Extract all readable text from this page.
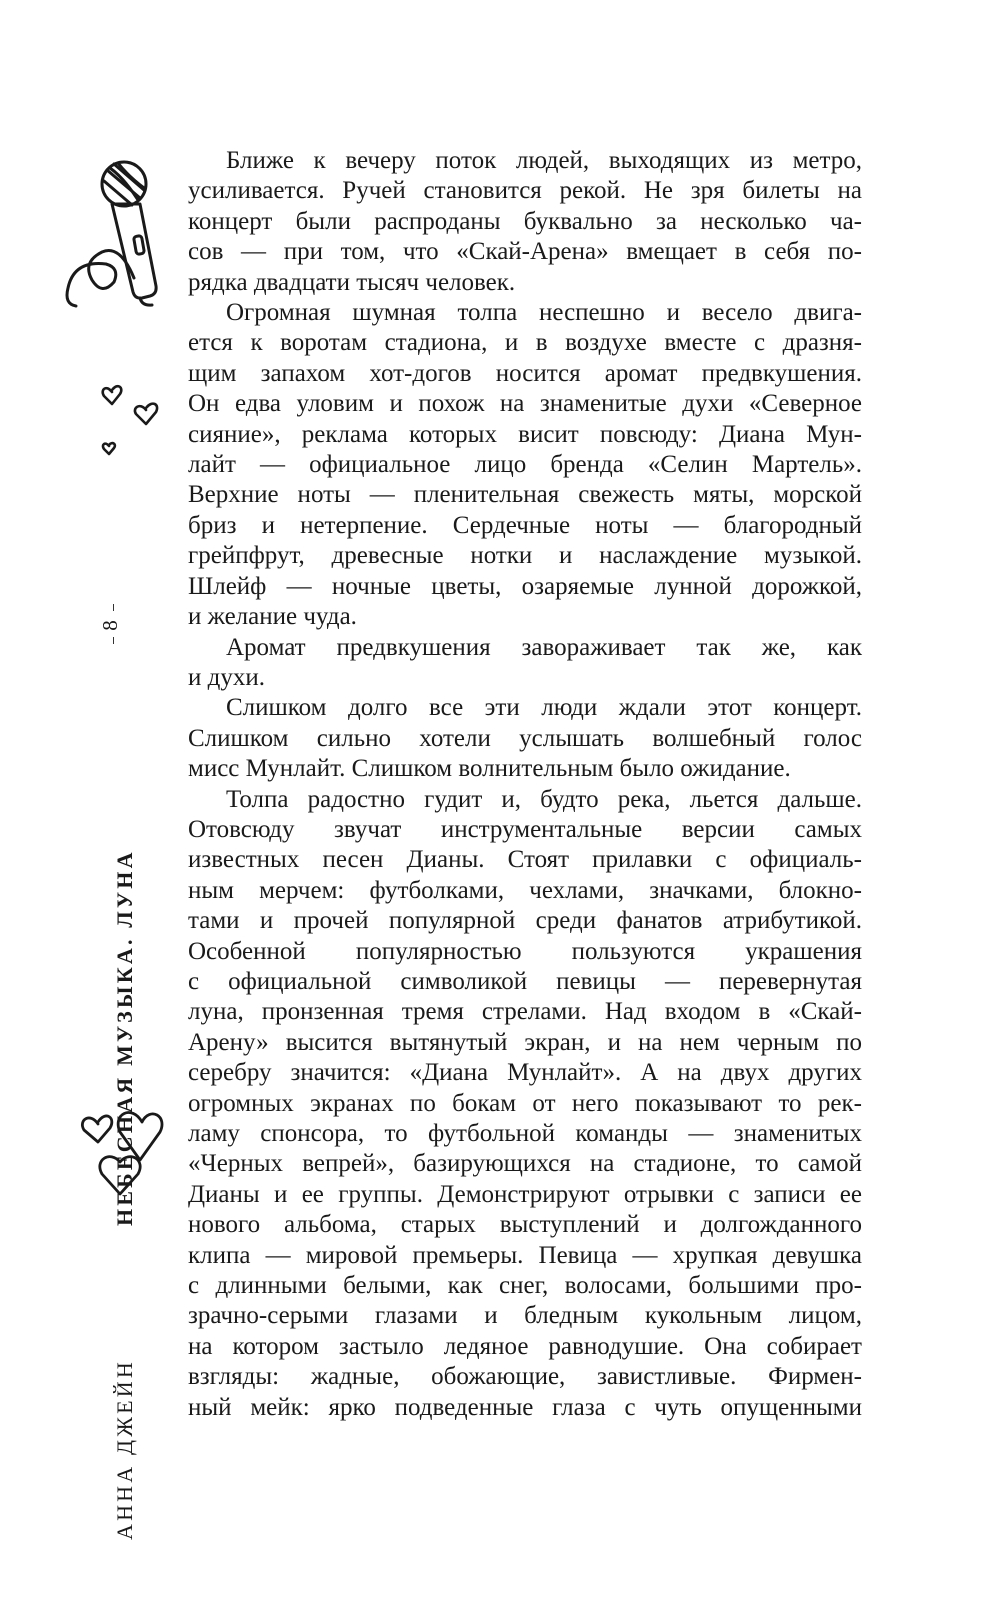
8
АННА ДЖЕЙННЕБЕСНАЯ МУЗЫКА. ЛУНА
Ближе к вечеру поток людей, выходящих из метро,
усиливается. Ручей становится рекой. Не зря билеты на
концерт были распроданы буквально за несколько ча-
сов — при том, что «Скай-Арена» вмещает в себя по-
рядка двадцати тысяч человек.
Огромная шумная толпа неспешно и весело двига-
ется к воротам стадиона, и в воздухе вместе с дразня-
щим запахом хот-догов носится аромат предвкушения.
Он едва уловим и похож на знаменитые духи «Северное
сияние», реклама которых висит повсюду: Диана Мун-
лайт — официальное лицо бренда «Селин Мартель».
Верхние ноты — пленительная свежесть мяты, морской
бриз и нетерпение. Сердечные ноты — благородный
грейпфрут, древесные нотки и наслаждение музыкой.
Шлейф — ночные цветы, озаряемые лунной дорожкой,
и желание чуда.
Аромат предвкушения завораживает так же, как
и духи.
Слишком долго все эти люди ждали этот концерт.
Слишком сильно хотели услышать волшебный голос
мисс Мунлайт. Слишком волнительным было ожидание.
Толпа радостно гудит и, будто река, льется дальше.
Отовсюду звучат инструментальные версии самых
известных песен Дианы. Стоят прилавки с официаль-
ным мерчем: футболками, чехлами, значками, блокно-
тами и прочей популярной среди фанатов атрибутикой.
Особенной популярностью пользуются украшения
с официальной символикой певицы — перевернутая
луна, пронзенная тремя стрелами. Над входом в «Скай-
Арену» высится вытянутый экран, и на нем черным по
серебру значится: «Диана Мунлайт». А на двух других
огромных экранах по бокам от него показывают то рек-
ламу спонсора, то футбольной команды — знаменитых
«Черных вепрей», базирующихся на стадионе, то самой
Дианы и ее группы. Демонстрируют отрывки с записи ее
нового альбома, старых выступлений и долгожданного
клипа — мировой премьеры. Певица — хрупкая девушка
с длинными белыми, как снег, волосами, большими про-
зрачно-серыми глазами и бледным кукольным лицом,
на котором застыло ледяное равнодушие. Она собирает
взгляды: жадные, обожающие, завистливые. Фирмен-
ный мейк: ярко подведенные глаза с чуть опущенными
